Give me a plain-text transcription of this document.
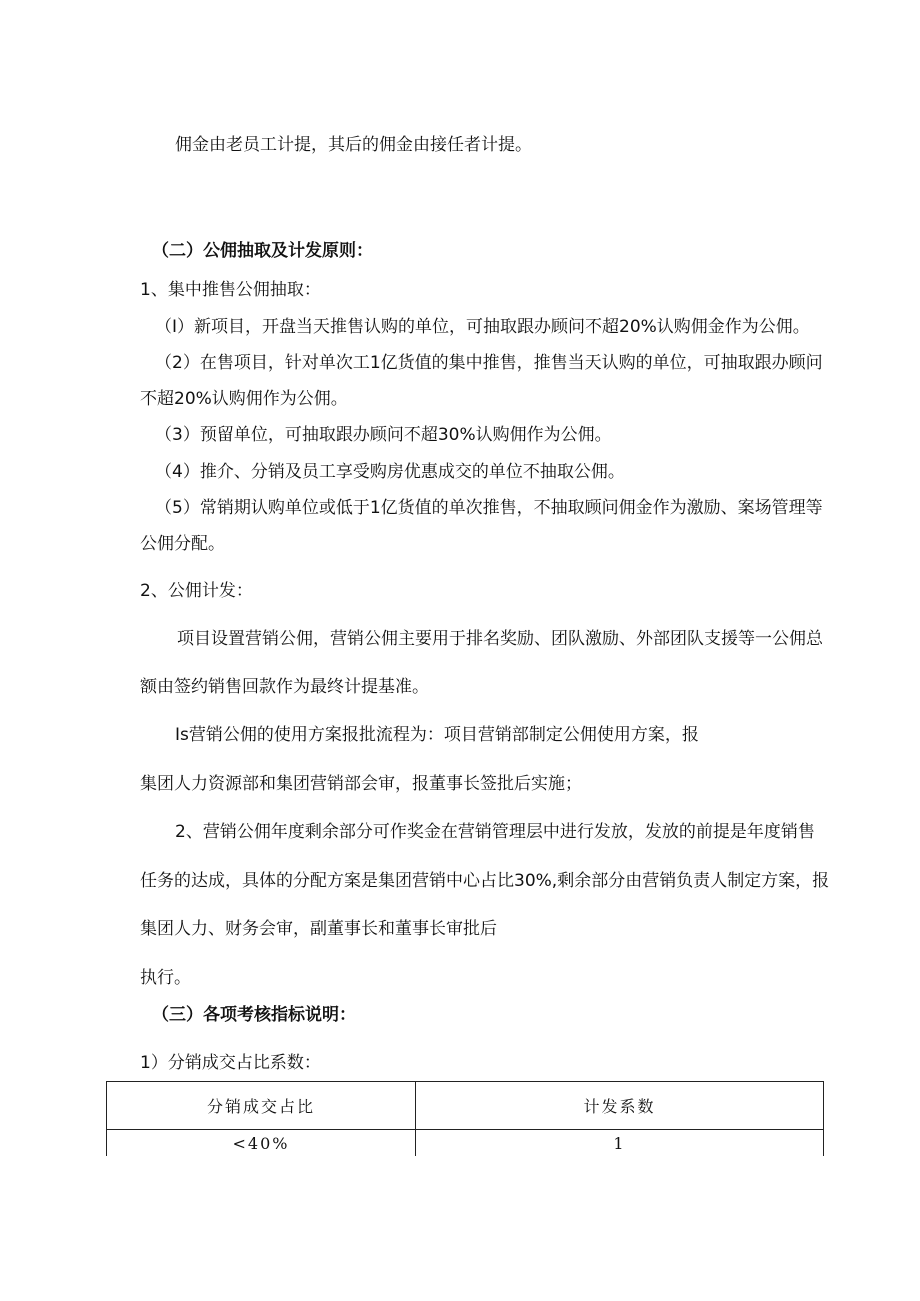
佣金由老员工计提，其后的佣金由接任者计提。
（二）公佣抽取及计发原则：
1、集中推售公佣抽取：
（I）新项目，开盘当天推售认购的单位，可抽取跟办顾问不超20%认购佣金作为公佣。
（2）在售项目，针对单次工1亿货值的集中推售，推售当天认购的单位，可抽取跟办顾问
不超20%认购佣作为公佣。
（3）预留单位，可抽取跟办顾问不超30%认购佣作为公佣。
（4）推介、分销及员工享受购房优惠成交的单位不抽取公佣。
（5）常销期认购单位或低于1亿货值的单次推售，不抽取顾问佣金作为激励、案场管理等
公佣分配。
2、公佣计发：
项目设置营销公佣，营销公佣主要用于排名奖励、团队激励、外部团队支援等一公佣总
额由签约销售回款作为最终计提基准。
Is营销公佣的使用方案报批流程为：项目营销部制定公佣使用方案，报
集团人力资源部和集团营销部会审，报董事长签批后实施；
2、营销公佣年度剩余部分可作奖金在营销管理层中进行发放，发放的前提是年度销售
任务的达成，具体的分配方案是集团营销中心占比30%,剩余部分由营销负责人制定方案，报
集团人力、财务会审，副董事长和董事长审批后
执行。
（三）各项考核指标说明：
1）分销成交占比系数：
分销成交占比	计发系数
<40%	1
